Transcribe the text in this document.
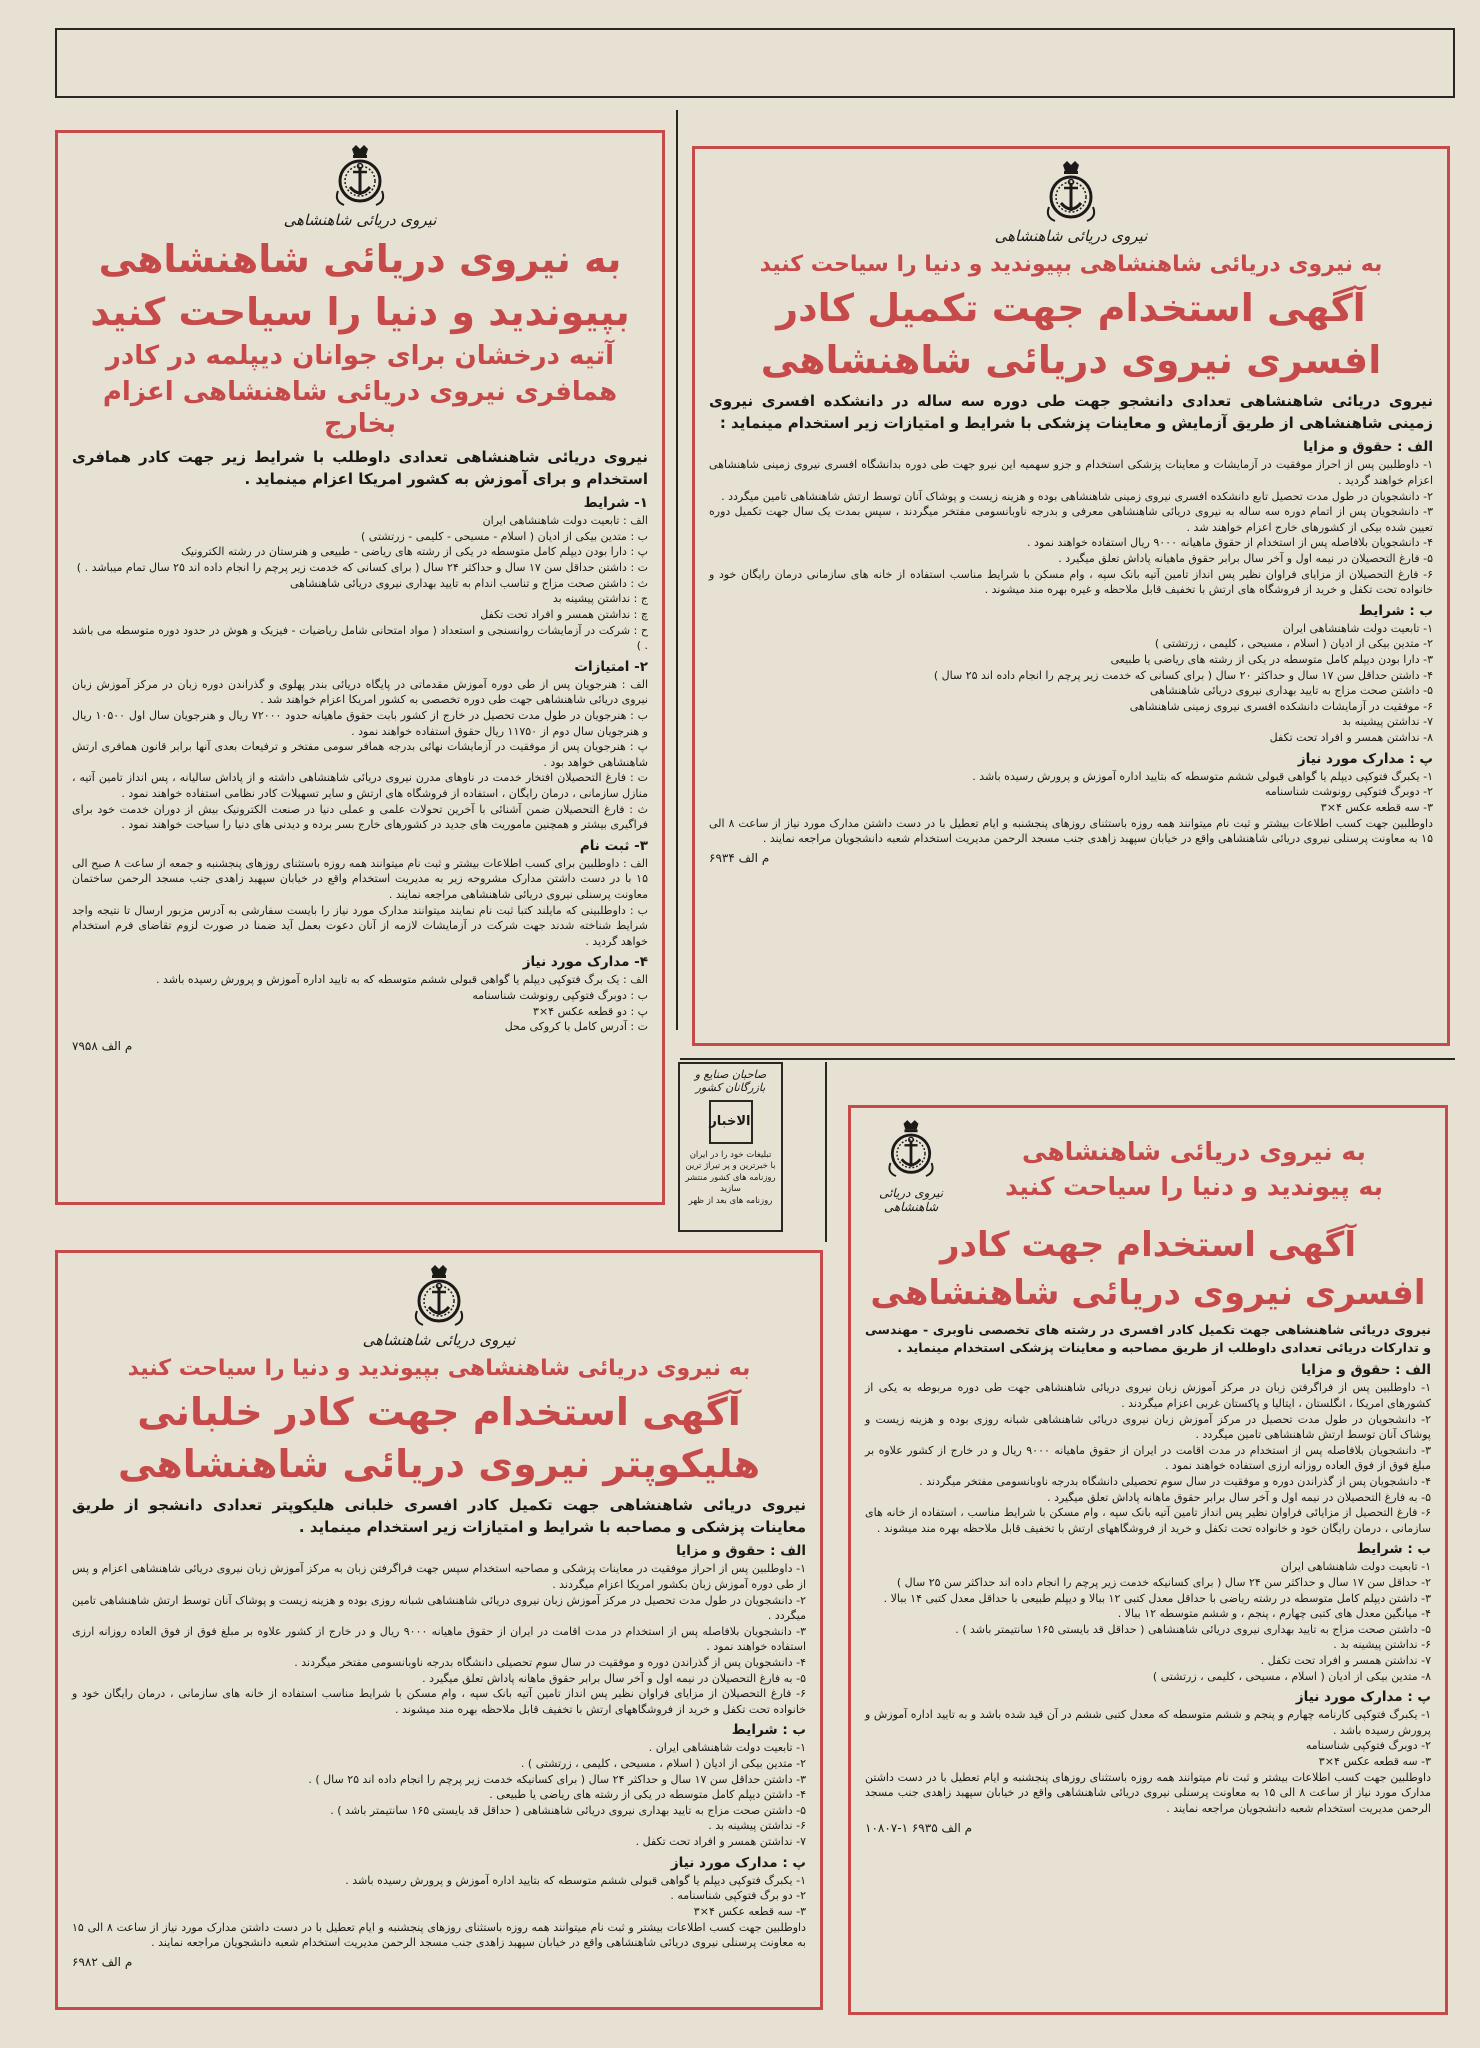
نیروی دریائی شاهنشاهی
به نیروی دریائی شاهنشاهی بپیوندید و دنیا را سیاحت کنید
آگهی استخدام جهت تکمیل کادر
افسری نیروی دریائی شاهنشاهی
نیروی دریائی شاهنشاهی تعدادی دانشجو جهت طی دوره سه ساله در دانشکده افسری نیروی زمینی شاهنشاهی از طریق آزمایش و معاینات پزشکی با شرایط و امتیازات زیر استخدام مینماید :
الف : حقوق و مزایا

۱- داوطلبین پس از احراز موفقیت در آزمایشات و معاینات پزشکی استخدام و جزو سهمیه این نیرو جهت طی دوره بدانشگاه افسری نیروی زمینی شاهنشاهی اعزام خواهند گردید .

۲- دانشجویان در طول مدت تحصیل تابع دانشکده افسری نیروی زمینی شاهنشاهی بوده و هزینه زیست و پوشاک آنان توسط ارتش شاهنشاهی تامین میگردد .

۳- دانشجویان پس از اتمام دوره سه ساله به نیروی دریائی شاهنشاهی معرفی و بدرجه ناوبانسومی مفتخر میگردند ، سپس بمدت یک سال جهت تکمیل دوره تعیین شده بیکی از کشورهای خارج اعزام خواهند شد .

۴- دانشجویان بلافاصله پس از استخدام از حقوق ماهیانه ۹۰۰۰ ریال استفاده خواهند نمود .

۵- فارغ التحصیلان در نیمه اول و آخر سال برابر حقوق ماهیانه پاداش تعلق میگیرد .

۶- فارغ التحصیلان از مزایای فراوان نظیر پس انداز تامین آتیه بانک سپه ، وام مسکن با شرایط مناسب استفاده از خانه های سازمانی درمان رایگان خود و خانواده تحت تکفل و خرید از فروشگاه های ارتش با تخفیف قابل ملاحظه و غیره بهره مند میشوند .

ب : شرایط

۱- تابعیت دولت شاهنشاهی ایران

۲- متدین بیکی از ادیان ( اسلام ، مسیحی ، کلیمی ، زرتشتی )

۳- دارا بودن دیپلم کامل متوسطه در یکی از رشته های ریاضی یا طبیعی

۴- داشتن حداقل سن ۱۷ سال و حداکثر ۲۰ سال ( برای کسانی که خدمت زیر پرچم را انجام داده اند ۲۵ سال )

۵- داشتن صحت مزاج به تایید بهداری نیروی دریائی شاهنشاهی

۶- موفقیت در آزمایشات دانشکده افسری نیروی زمینی شاهنشاهی

۷- نداشتن پیشینه بد

۸- نداشتن همسر و افراد تحت تکفل

پ : مدارک مورد نیاز

۱- یکبرگ فتوکپی دیپلم یا گواهی قبولی ششم متوسطه که بتایید اداره آموزش و پرورش رسیده باشد .

۲- دوبرگ فتوکپی رونوشت شناسنامه

۳- سه قطعه عکس ۴×۳

داوطلبین جهت کسب اطلاعات بیشتر و ثبت نام میتوانند همه روزه باستثنای روزهای پنجشنبه و ایام تعطیل با در دست داشتن مدارک مورد نیاز از ساعت ۸ الی ۱۵ به معاونت پرسنلی نیروی دریائی شاهنشاهی واقع در خیابان سپهبد زاهدی جنب مسجد الرحمن مدیریت استخدام شعبه دانشجویان مراجعه نمایند .

م الف ۶۹۳۴
نیروی دریائی شاهنشاهی
به نیروی دریائی شاهنشاهی
بپیوندید و دنیا را سیاحت کنید
آتیه درخشان برای جوانان دیپلمه در کادر
همافری نیروی دریائی شاهنشاهی اعزام بخارج
نیروی دریائی شاهنشاهی تعدادی داوطلب با شرایط زیر جهت کادر همافری استخدام و برای آموزش به کشور امریکا اعزام مینماید .
۱- شرایط

الف : تابعیت دولت شاهنشاهی ایران

ب : متدین بیکی از ادیان ( اسلام - مسیحی - کلیمی - زرتشتی )

پ : دارا بودن دیپلم کامل متوسطه در یکی از رشته های ریاضی - طبیعی و هنرستان در رشته الکترونیک

ت : داشتن حداقل سن ۱۷ سال و حداکثر ۲۴ سال ( برای کسانی که خدمت زیر پرچم را انجام داده اند ۲۵ سال تمام میباشد . )

ث : داشتن صحت مزاج و تناسب اندام به تایید بهداری نیروی دریائی شاهنشاهی

ج : نداشتن پیشینه بد

چ : نداشتن همسر و افراد تحت تکفل

ح : شرکت در آزمایشات روانسنجی و استعداد ( مواد امتحانی شامل ریاضیات - فیزیک و هوش در حدود دوره متوسطه می باشد . )

۲- امتیازات

الف : هنرجویان پس از طی دوره آموزش مقدماتی در پایگاه دریائی بندر پهلوی و گذراندن دوره زبان در مرکز آموزش زبان نیروی دریائی شاهنشاهی جهت طی دوره تخصصی به کشور امریکا اعزام خواهند شد .

ب : هنرجویان در طول مدت تحصیل در خارج از کشور بابت حقوق ماهیانه حدود ۷۲۰۰۰ ریال و هنرجویان سال اول ۱۰۵۰۰ ریال و هنرجویان سال دوم از ۱۱۷۵۰ ریال حقوق استفاده خواهند نمود .

پ : هنرجویان پس از موفقیت در آزمایشات نهائی بدرجه همافر سومی مفتخر و ترفیعات بعدی آنها برابر قانون همافری ارتش شاهنشاهی خواهد بود .

ت : فارغ التحصیلان افتخار خدمت در ناوهای مدرن نیروی دریائی شاهنشاهی داشته و از پاداش سالیانه ، پس انداز تامین آتیه ، منازل سازمانی ، درمان رایگان ، استفاده از فروشگاه های ارتش و سایر تسهیلات کادر نظامی استفاده خواهند نمود .

ث : فارغ التحصیلان ضمن آشنائی با آخرین تحولات علمی و عملی دنیا در صنعت الکترونیک بیش از دوران خدمت خود برای فراگیری بیشتر و همچنین ماموریت های جدید در کشورهای خارج بسر برده و دیدنی های دنیا را سیاحت خواهند نمود .

۳- ثبت نام

الف : داوطلبین برای کسب اطلاعات بیشتر و ثبت نام میتوانند همه روزه باستثنای روزهای پنجشنبه و جمعه از ساعت ۸ صبح الی ۱۵ با در دست داشتن مدارک مشروحه زیر به مدیریت استخدام واقع در خیابان سپهبد زاهدی جنب مسجد الرحمن ساختمان معاونت پرسنلی نیروی دریائی شاهنشاهی مراجعه نمایند .

ب : داوطلبینی که مایلند کتبا ثبت نام نمایند میتوانند مدارک مورد نیاز را بایست سفارشی به آدرس مزبور ارسال تا نتیجه واجد شرایط شناخته شدند جهت شرکت در آزمایشات لازمه از آنان دعوت بعمل آید ضمنا در صورت لزوم تقاضای فرم استخدام خواهد گردید .

۴- مدارک مورد نیاز

الف : یک برگ فتوکپی دیپلم یا گواهی قبولی ششم متوسطه که به تایید اداره آموزش و پرورش رسیده باشد .

ب : دوبرگ فتوکپی رونوشت شناسنامه

پ : دو قطعه عکس ۴×۳

ت : آدرس کامل با کروکی محل

م الف ۷۹۵۸
صاحبان صنایع و بازرگانان کشور
الاخبار
تبلیغات خود را در ایران
با خبرترین و پر تیراژ ترین
روزنامه های کشور منتشر سازید
روزنامه های بعد از ظهر
به نیروی دریائی شاهنشاهی
به پیوندید و دنیا را سیاحت کنید
نیروی دریائی شاهنشاهی
آگهی استخدام جهت کادر
افسری نیروی دریائی شاهنشاهی
نیروی دریائی شاهنشاهی جهت تکمیل کادر افسری در رشته های تخصصی ناوبری - مهندسی و تدارکات دریائی تعدادی داوطلب از طریق مصاحبه و معاینات پزشکی استخدام مینماید .
الف : حقوق و مزایا

۱- داوطلبین پس از فراگرفتن زبان در مرکز آموزش زبان نیروی دریائی شاهنشاهی جهت طی دوره مربوطه به یکی از کشورهای امریکا ، انگلستان ، ایتالیا و پاکستان غربی اعزام میگردند .

۲- دانشجویان در طول مدت تحصیل در مرکز آموزش زبان نیروی دریائی شاهنشاهی شبانه روزی بوده و هزینه زیست و پوشاک آنان توسط ارتش شاهنشاهی تامین میگردد .

۳- دانشجویان بلافاصله پس از استخدام در مدت اقامت در ایران از حقوق ماهیانه ۹۰۰۰ ریال و در خارج از کشور علاوه بر مبلغ فوق از فوق العاده روزانه ارزی استفاده خواهند نمود .

۴- دانشجویان پس از گذراندن دوره و موفقیت در سال سوم تحصیلی دانشگاه بدرجه ناوبانسومی مفتخر میگردند .

۵- به فارغ التحصیلان در نیمه اول و آخر سال برابر حقوق ماهانه پاداش تعلق میگیرد .

۶- فارغ التحصیل از مزایائی فراوان نظیر پس انداز تامین آتیه بانک سپه ، وام مسکن با شرایط مناسب ، استفاده از خانه های سازمانی ، درمان رایگان خود و خانواده تحت تکفل و خرید از فروشگاههای ارتش با تخفیف قابل ملاحظه بهره مند میشوند .

ب : شرایط

۱- تابعیت دولت شاهنشاهی ایران

۲- حداقل سن ۱۷ سال و حداکثر سن ۲۴ سال ( برای کسانیکه خدمت زیر پرچم را انجام داده اند حداکثر سن ۲۵ سال )

۳- داشتن دیپلم کامل متوسطه در رشته ریاضی با حداقل معدل کتبی ۱۲ ببالا و دیپلم طبیعی با حداقل معدل کتبی ۱۴ ببالا .

۴- میانگین معدل های کتبی چهارم ، پنجم ، و ششم متوسطه ۱۲ ببالا .

۵- داشتن صحت مزاج به تایید بهداری نیروی دریائی شاهنشاهی ( حداقل قد بایستی ۱۶۵ سانتیمتر باشد ) .

۶- نداشتن پیشینه بد .

۷- نداشتن همسر و افراد تحت تکفل .

۸- متدین بیکی از ادیان ( اسلام ، مسیحی ، کلیمی ، زرتشتی )

پ : مدارک مورد نیاز

۱- یکبرگ فتوکپی کارنامه چهارم و پنجم و ششم متوسطه که معدل کتبی ششم در آن قید شده باشد و به تایید اداره آموزش و پرورش رسیده باشد .

۲- دوبرگ فتوکپی شناسنامه

۳- سه قطعه عکس ۴×۳

داوطلبین جهت کسب اطلاعات بیشتر و ثبت نام میتوانند همه روزه باستثنای روزهای پنجشنبه و ایام تعطیل با در دست داشتن مدارک مورد نیاز از ساعت ۸ الی ۱۵ به معاونت پرسنلی نیروی دریائی شاهنشاهی واقع در خیابان سپهبد زاهدی جنب مسجد الرحمن مدیریت استخدام شعبه دانشجویان مراجعه نمایند .

م الف ۶۹۳۵ ۱-۱۰۸۰۷
نیروی دریائی شاهنشاهی
به نیروی دریائی شاهنشاهی بپیوندید و دنیا را سیاحت کنید
آگهی استخدام جهت کادر خلبانی
هلیکوپتر نیروی دریائی شاهنشاهی
نیروی دریائی شاهنشاهی جهت تکمیل کادر افسری خلبانی هلیکوپتر تعدادی دانشجو از طریق معاینات پزشکی و مصاحبه با شرایط و امتیازات زیر استخدام مینماید .
الف : حقوق و مزایا

۱- داوطلبین پس از احراز موفقیت در معاینات پزشکی و مصاحبه استخدام سپس جهت فراگرفتن زبان به مرکز آموزش زبان نیروی دریائی شاهنشاهی اعزام و پس از طی دوره آموزش زبان بکشور امریکا اعزام میگردند .

۲- دانشجویان در طول مدت تحصیل در مرکز آموزش زبان نیروی دریائی شاهنشاهی شبانه روزی بوده و هزینه زیست و پوشاک آنان توسط ارتش شاهنشاهی تامین میگردد .

۳- دانشجویان بلافاصله پس از استخدام در مدت اقامت در ایران از حقوق ماهیانه ۹۰۰۰ ریال و در خارج از کشور علاوه بر مبلغ فوق از فوق العاده روزانه ارزی استفاده خواهند نمود .

۴- دانشجویان پس از گذراندن دوره و موفقیت در سال سوم تحصیلی دانشگاه بدرجه ناوبانسومی مفتخر میگردند .

۵- به فارغ التحصیلان در نیمه اول و آخر سال برابر حقوق ماهانه پاداش تعلق میگیرد .

۶- فارغ التحصیلان از مزایای فراوان نظیر پس انداز تامین آتیه بانک سپه ، وام مسکن با شرایط مناسب استفاده از خانه های سازمانی ، درمان رایگان خود و خانواده تحت تکفل و خرید از فروشگاههای ارتش با تخفیف قابل ملاحظه بهره مند میشوند .

ب : شرایط

۱- تابعیت دولت شاهنشاهی ایران .

۲- متدین بیکی از ادیان ( اسلام ، مسیحی ، کلیمی ، زرتشتی ) .

۳- داشتن حداقل سن ۱۷ سال و حداکثر ۲۴ سال ( برای کسانیکه خدمت زیر پرچم را انجام داده اند ۲۵ سال ) .

۴- داشتن دیپلم کامل متوسطه در یکی از رشته های ریاضی یا طبیعی .

۵- داشتن صحت مزاج به تایید بهداری نیروی دریائی شاهنشاهی ( حداقل قد بایستی ۱۶۵ سانتیمتر باشد ) .

۶- نداشتن پیشینه بد .

۷- نداشتن همسر و افراد تحت تکفل .

پ : مدارک مورد نیاز

۱- یکبرگ فتوکپی دیپلم یا گواهی قبولی ششم متوسطه که بتایید اداره آموزش و پرورش رسیده باشد .

۲- دو برگ فتوکپی شناسنامه .

۳- سه قطعه عکس ۴×۳

داوطلبین جهت کسب اطلاعات بیشتر و ثبت نام میتوانند همه روزه باستثنای روزهای پنجشنبه و ایام تعطیل با در دست داشتن مدارک مورد نیاز از ساعت ۸ الی ۱۵ به معاونت پرسنلی نیروی دریائی شاهنشاهی واقع در خیابان سپهبد زاهدی جنب مسجد الرحمن مدیریت استخدام شعبه دانشجویان مراجعه نمایند .

م الف ۶۹۸۲
